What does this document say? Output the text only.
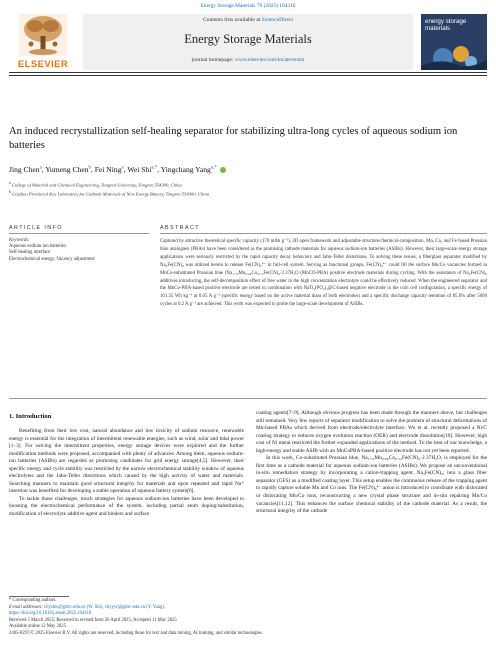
Energy Storage Materials 79 (2025) 104318
ELSEVIER
Contents lists available at ScienceDirect
Energy Storage Materials
journal homepage: www.elsevier.com/locate/ensm
energy storage materials
An induced recrystallization self-healing separator for stabilizing ultra-long cycles of aqueous sodium ion batteries
Jing Chen$^a$, Yumeng Chen$^b$, Fei Ning$^a$, Wei Shi$^{a,*}$, Yingchang Yang$^{a,*}$
$^a$ College of Material and Chemical Engineering, Tongren University, Tongren 554300, China
$^b$ Guizhou Provincial Key Laboratory for Cathode Materials of New Energy Battery, Tongren 554300, China
ARTICLE INFO	ABSTRACT
Keywords:
Aqueous sodium ion batteries
Self-healing interface
Electrochemical energy, Vacancy adjustment
Captured by attractive theoretical specific capacity (170 mAh g⁻¹), 3D open framework and adjustable structure/chemical-composition, Mn, Co, and Fe based Prussian blue analogues (PBAs) have been considered as the promising cathode materials for aqueous sodium-ion batteries (ASIBs). However, their large-scale energy storage applications were seriously restricted by the rapid capacity decay behaviors and Jahn-Teller distortions. To solving these issues, a fiberglass separator modified by Na₄Fe(CN)₆ was utilized herein to release Fe(CN)₆⁴⁻ in full-cell system. Serving as functional groups, Fe(CN)₆⁴⁻ could fill the surface Mn/Co vacancies formed in MnCo-substituted Prussian blue (Na₁.₇₅Mn₀.₆₆Co₀.₁₂Fe(CN)₆·2.37H₂O (MnCO-PBA) positive electrode materials during cycling. With the assistance of Na₄Fe(CN)₆ additives introducing, the self-decomposition effect of free water in the high concentration electrolyte could be effectively reduced. When the engineered separator and the MnCo-PBA-based positive electrode are tested in combination with NaTi₂(PO₄)₃@C-based negative electrode in the coin cell configuration, a specific energy of 101.35 Wh kg⁻¹ at 0.05 A g⁻¹ (specific energy based on the active material mass of both electrodes) and a specific discharge capacity retention of 85.8% after 5000 cycles at 0.2 A g⁻¹ are achieved. This work was expected to probe the large-scale development of ASIBs.
1. Introduction

Benefiting from their low cost, natural abundance and low toxicity of sodium resource, renewable energy is essential for the integration of intermittent renewable energies, such as wind, solar and tidal power [1–3]. For solving the intermittent properties, energy storage devices were explored and the further modification methods were proposed, accompanied with plenty of advances. Among them, aqueous sodium-ion batteries (ASIBs) are regarded as promising candidates for grid energy storage[4,5]. However, their specific energy and cycle stability was restricted by the narrow electrochemical stability window of aqueous electrolytes and the Jahn-Teller distortions which caused by the high activity of water and materials. Searching manners to maintain good structural integrity for materials and upon repeated and rapid Na⁺ insertion was benefited for developing a stable operation of aqueous battery system[6].

To tackle those challenges, much strategies for aqueous sodium-ion batteries have been developed to boosting the electrochemical performance of the system, including partial atom doping/substitution, modification of electrolyte additive agent and binders and surface

coating agents[7–9]. Although obvious progress has been made through the manners above, but challenges still remained. Very few reports of separator modification to solve the problem of structural deformations of Mn-based PBAs which derived from electrode/electrolyte interface. Wu et al. recently proposed a Ni/C coating strategy to reduces oxygen evolution reaction (OER) and electrode dissolution[10]. However, high cost of Ni metal restricted the further expanded applications of the method. To the best of our knowledge, a high-energy and stable ASIB with an MnCoPBA-based positive electrode has not yet been reported.

In this work, Co-substituted Prussian blue, Na₁.₇₅Mn₀.₆₆Co₀.₁₂Fe(CN)₆·2.37H₂O, is employed for the first time as a cathode material for aqueous sodium-ion batteries (ASIBs). We propose an unconventional in-situ remediation strategy by incorporating a cation-trapping agent, Na₄Fe(CN)₆, into a glass fiber separator (GFS) as a modified coating layer. This setup enables the continuous release of the trapping agent to rapidly capture soluble Mn and Co ions. The Fe(CN)₆⁴⁻ anion is introduced to coordinate with dislocated or dislocating Mn/Co ions, reconstructing a new crystal phase structure and in-situ repairing Mn/Co vacancies[11,12]. This enhances the surface chemical stability of the cathode material. As a result, the structural integrity of the cathode

* Corresponding authors.
E-mail addresses: chyshw@gztrc.edu.cn (W. Shi), chyyyr@gztrc.edu.cn (Y. Yang).
https://doi.org/10.1016/j.ensm.2025.104318
Received 5 March 2025; Received in revised form 26 April 2025; Accepted 11 May 2025
Available online 12 May 2025
2405-8297/© 2025 Elsevier B.V. All rights are reserved, including those for text and data mining, AI training, and similar technologies.
